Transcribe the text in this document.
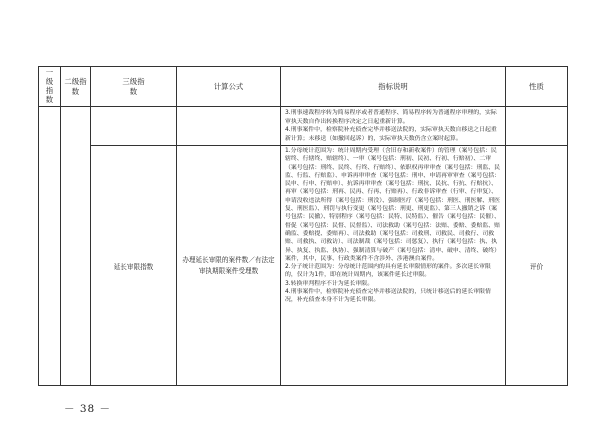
一级指数	二级指数	三级指数	计算公式	指标说明	性质

				3.刑事速裁程序转为简易程序或者普通程序、简易程序转为普通程序审理的，实际审执天数自作出转换程序决定之日起重新计算。

4.刑事案件中，检察院补充侦查完毕并移送法院的，实际审执天数自移送之日起重新计算；未移送（如撤回起诉）的，实际审执天数仍含立案时起算。	

		延长审限指数	办理延长审限的案件数／有法定审执期限案件受理数	1.分母统计范围为：统计周期内受理（含旧存和新收案件）的管理（案号包括：民辖终、行辖终、赔辖终）、一审（案号包括：刑初、民初、行初、行赔初）、二审（案号包括：刑终、民终、行终、行赔终）、依职权再审审查（案号包括：刑监、民监、行监、行赔监）、申诉再审审查（案号包括：刑申、申请再审审查（案号包括：民申、行申、行赔申）、抗诉再审审查（案号包括：刑抗、民抗、行抗、行赔抗）、再审（案号包括：刑再、民再、行再、行赔再）、行政非诉审查（行审、行审复）、申请没收违法所得（案号包括：刑没）、强制医疗（案号包括：刑医、刑医解、刑医复、刑医监）、刑罚与执行变更（案号包括：刑更、刑更监）、第三人撤销之诉（案号包括：民撤）、特别程序（案号包括：民特、民特监）、催告（案号包括：民催）、督促（案号包括：民督、民督监）、司法救助（案号包括：法赔、委赔、委赔监、赔确监、委赔提、委赔再）、司法救助（案号包括：司救刑、司救民、司救行、司救赔、司救执、司救访）、司法制裁（案号包括：司惩复）、执行（案号包括：执、执异、执复、执监、执协）、强制清算与破产（案号包括：清申、破申、清终、破终）案件，其中，民事、行政类案件不含涉外、涉港澳台案件。

2.分子统计范围为：分母统计范围内的具有延长审限情形的案件。多次延长审限的，仅计为1件，即在统计周期内，该案件延长过审限。

3.转换审判程序不计为延长审限。

4.刑事案件中，检察院补充侦查完毕并移送法院的，只统计移送后的延长审限情况，补充侦查本身不计为延长审限。	评价
－ 38 －
